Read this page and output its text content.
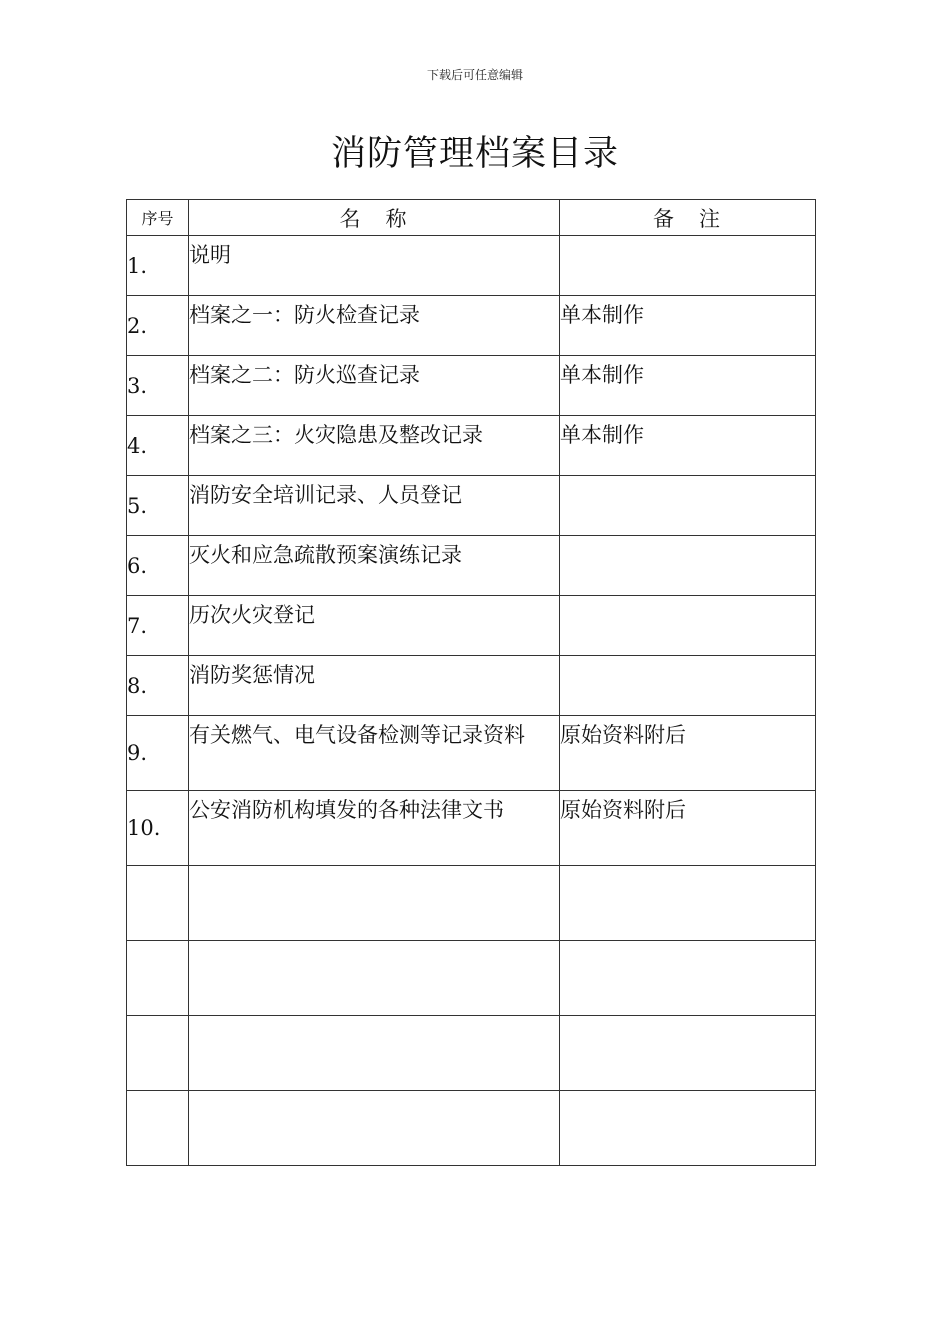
下载后可任意编辑
消防管理档案目录
序号	名　称	备　注
1.	说明	
2.	档案之一：防火检查记录	单本制作
3.	档案之二：防火巡查记录	单本制作
4.	档案之三：火灾隐患及整改记录	单本制作
5.	消防安全培训记录、人员登记	
6.	灭火和应急疏散预案演练记录	
7.	历次火灾登记	
8.	消防奖惩情况	
9.	有关燃气、电气设备检测等记录资料	原始资料附后
10.	公安消防机构填发的各种法律文书	原始资料附后
